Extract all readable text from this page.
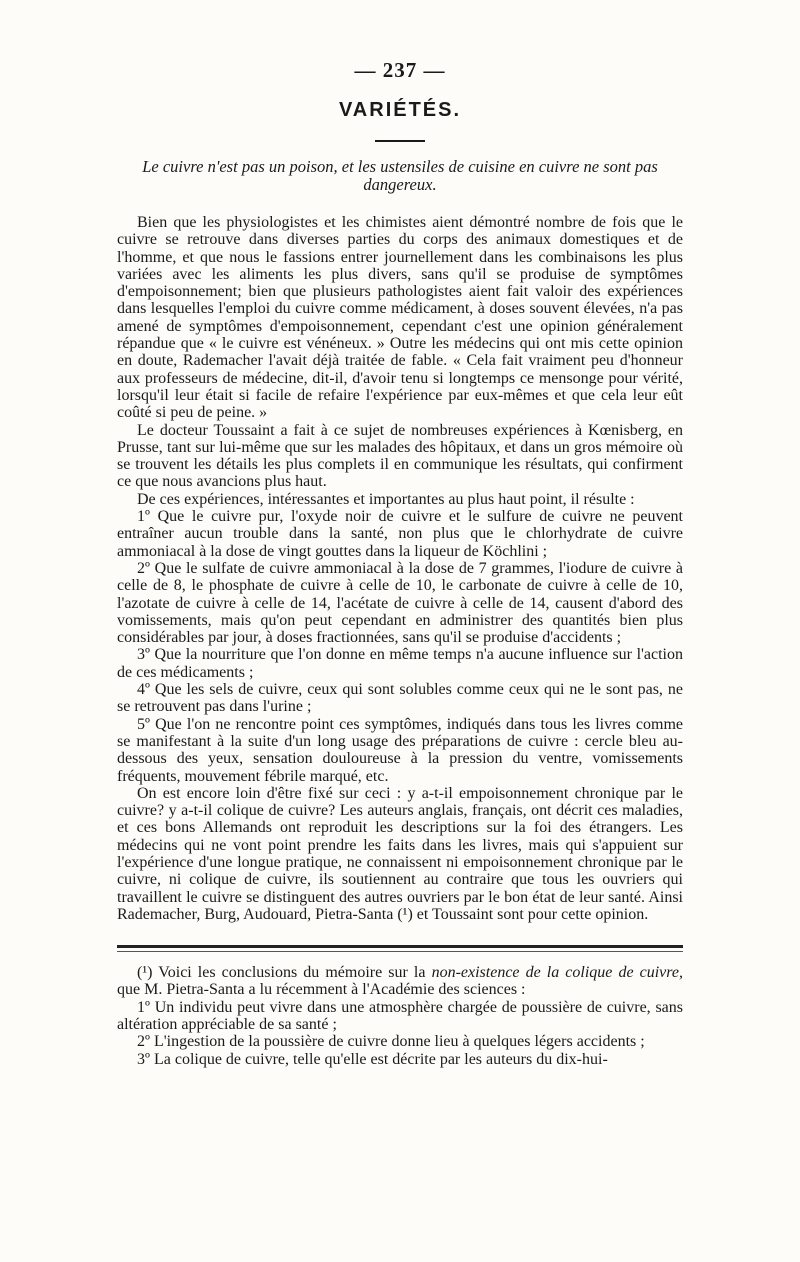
— 237 —
VARIÉTÉS.
Le cuivre n'est pas un poison, et les ustensiles de cuisine en cuivre ne sont pas dangereux.

Bien que les physiologistes et les chimistes aient démontré nombre de fois que le cuivre se retrouve dans diverses parties du corps des animaux domestiques et de l'homme, et que nous le fassions entrer journellement dans les combinaisons les plus variées avec les aliments les plus divers, sans qu'il se produise de symptômes d'empoisonnement; bien que plusieurs pathologistes aient fait valoir des expériences dans lesquelles l'emploi du cuivre comme médicament, à doses souvent élevées, n'a pas amené de symptômes d'empoisonnement, cependant c'est une opinion généralement répandue que « le cuivre est vénéneux. » Outre les médecins qui ont mis cette opinion en doute, Rademacher l'avait déjà traitée de fable. « Cela fait vraiment peu d'honneur aux professeurs de médecine, dit-il, d'avoir tenu si longtemps ce mensonge pour vérité, lorsqu'il leur était si facile de refaire l'expérience par eux-mêmes et que cela leur eût coûté si peu de peine. »

Le docteur Toussaint a fait à ce sujet de nombreuses expériences à Kœnisberg, en Prusse, tant sur lui-même que sur les malades des hôpitaux, et dans un gros mémoire où se trouvent les détails les plus complets il en communique les résultats, qui confirment ce que nous avancions plus haut.

De ces expériences, intéressantes et importantes au plus haut point, il résulte :

1º Que le cuivre pur, l'oxyde noir de cuivre et le sulfure de cuivre ne peuvent entraîner aucun trouble dans la santé, non plus que le chlorhydrate de cuivre ammoniacal à la dose de vingt gouttes dans la liqueur de Köchlini ;

2º Que le sulfate de cuivre ammoniacal à la dose de 7 grammes, l'iodure de cuivre à celle de 8, le phosphate de cuivre à celle de 10, le carbonate de cuivre à celle de 10, l'azotate de cuivre à celle de 14, l'acétate de cuivre à celle de 14, causent d'abord des vomissements, mais qu'on peut cependant en administrer des quantités bien plus considérables par jour, à doses fractionnées, sans qu'il se produise d'accidents ;

3º Que la nourriture que l'on donne en même temps n'a aucune influence sur l'action de ces médicaments ;

4º Que les sels de cuivre, ceux qui sont solubles comme ceux qui ne le sont pas, ne se retrouvent pas dans l'urine ;

5º Que l'on ne rencontre point ces symptômes, indiqués dans tous les livres comme se manifestant à la suite d'un long usage des préparations de cuivre : cercle bleu au-dessous des yeux, sensation douloureuse à la pression du ventre, vomissements fréquents, mouvement fébrile marqué, etc.

On est encore loin d'être fixé sur ceci : y a-t-il empoisonnement chronique par le cuivre? y a-t-il colique de cuivre? Les auteurs anglais, français, ont décrit ces maladies, et ces bons Allemands ont reproduit les descriptions sur la foi des étrangers. Les médecins qui ne vont point prendre les faits dans les livres, mais qui s'appuient sur l'expérience d'une longue pratique, ne connaissent ni empoisonnement chronique par le cuivre, ni colique de cuivre, ils soutiennent au contraire que tous les ouvriers qui travaillent le cuivre se distinguent des autres ouvriers par le bon état de leur santé. Ainsi Rademacher, Burg, Audouard, Pietra-Santa (¹) et Toussaint sont pour cette opinion.

(¹) Voici les conclusions du mémoire sur la non-existence de la colique de cuivre, que M. Pietra-Santa a lu récemment à l'Académie des sciences :

1º Un individu peut vivre dans une atmosphère chargée de poussière de cuivre, sans altération appréciable de sa santé ;

2º L'ingestion de la poussière de cuivre donne lieu à quelques légers accidents ;

3º La colique de cuivre, telle qu'elle est décrite par les auteurs du dix-hui-
